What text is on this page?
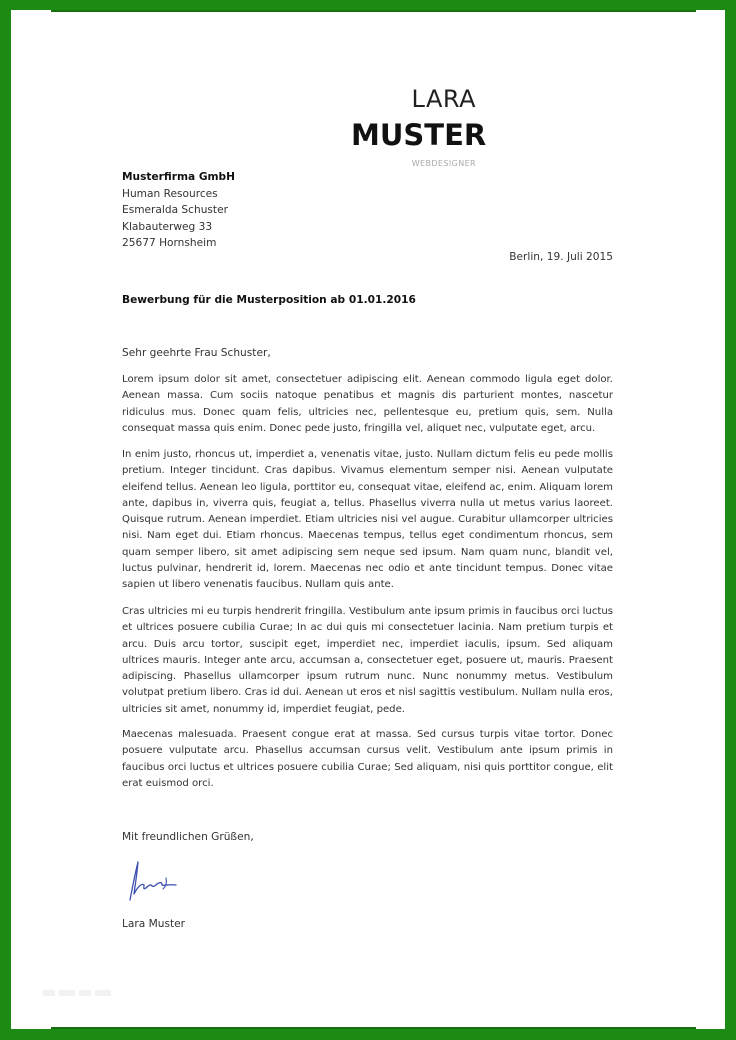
LARA
MUSTER
WEBDESIGNER
Musterfirma GmbH
Human Resources
Esmeralda Schuster
Klabauterweg 33
25677 Hornsheim
Berlin, 19. Juli 2015
Bewerbung für die Musterposition ab 01.01.2016
Sehr geehrte Frau Schuster,
Lorem ipsum dolor sit amet, consectetuer adipiscing elit. Aenean commodo ligula eget dolor. Aenean massa. Cum sociis natoque penatibus et magnis dis parturient montes, nascetur ridiculus mus. Donec quam felis, ultricies nec, pellentesque eu, pretium quis, sem. Nulla consequat massa quis enim. Donec pede justo, fringilla vel, aliquet nec, vulputate eget, arcu.
In enim justo, rhoncus ut, imperdiet a, venenatis vitae, justo. Nullam dictum felis eu pede mollis pretium. Integer tincidunt. Cras dapibus. Vivamus elementum semper nisi. Aenean vulputate eleifend tellus. Aenean leo ligula, porttitor eu, consequat vitae, eleifend ac, enim. Aliquam lorem ante, dapibus in, viverra quis, feugiat a, tellus. Phasellus viverra nulla ut metus varius laoreet. Quisque rutrum. Aenean imperdiet. Etiam ultricies nisi vel augue. Curabitur ullamcorper ultricies nisi. Nam eget dui. Etiam rhoncus. Maecenas tempus, tellus eget condimentum rhoncus, sem quam semper libero, sit amet adipiscing sem neque sed ipsum. Nam quam nunc, blandit vel, luctus pulvinar, hendrerit id, lorem. Maecenas nec odio et ante tincidunt tempus. Donec vitae sapien ut libero venenatis faucibus. Nullam quis ante.
Cras ultricies mi eu turpis hendrerit fringilla. Vestibulum ante ipsum primis in faucibus orci luctus et ultrices posuere cubilia Curae; In ac dui quis mi consectetuer lacinia. Nam pretium turpis et arcu. Duis arcu tortor, suscipit eget, imperdiet nec, imperdiet iaculis, ipsum. Sed aliquam ultrices mauris. Integer ante arcu, accumsan a, consectetuer eget, posuere ut, mauris. Praesent adipiscing. Phasellus ullamcorper ipsum rutrum nunc. Nunc nonummy metus. Vestibulum volutpat pretium libero. Cras id dui. Aenean ut eros et nisl sagittis vestibulum. Nullam nulla eros, ultricies sit amet, nonummy id, imperdiet feugiat, pede.
Maecenas malesuada. Praesent congue erat at massa. Sed cursus turpis vitae tortor. Donec posuere vulputate arcu. Phasellus accumsan cursus velit. Vestibulum ante ipsum primis in faucibus orci luctus et ultrices posuere cubilia Curae; Sed aliquam, nisi quis porttitor congue, elit erat euismod orci.
Mit freundlichen Grüßen,
Lara Muster
